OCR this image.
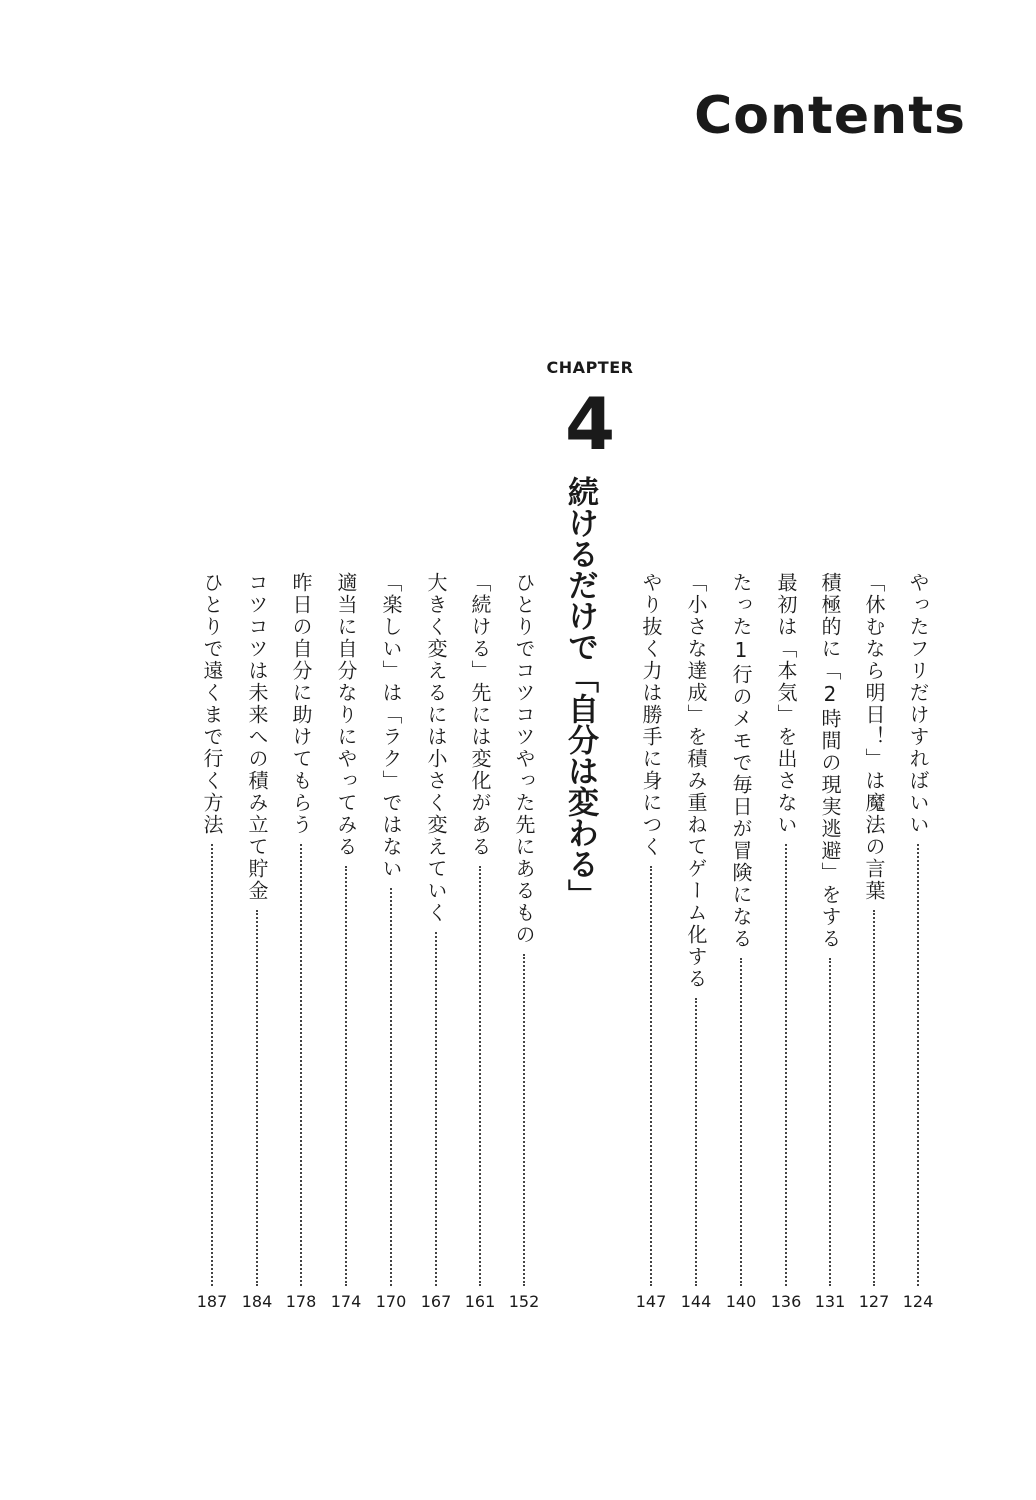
Contents
CHAPTER
4
続けるだけで「自分は変わる」	やったフリだけすればいい
124
「休むなら明日！」は魔法の言葉
127
積極的に「2時間の現実逃避」をする
131
最初は「本気」を出さない
136
たった1行のメモで毎日が冒険になる
140
「小さな達成」を積み重ねてゲーム化する
144
やり抜く力は勝手に身につく
147
ひとりでコツコツやった先にあるもの
152
「続ける」先には変化がある
161
大きく変えるには小さく変えていく
167
「楽しい」は「ラク」ではない
170
適当に自分なりにやってみる
174
昨日の自分に助けてもらう
178
コツコツは未来への積み立て貯金
184
ひとりで遠くまで行く方法
187
